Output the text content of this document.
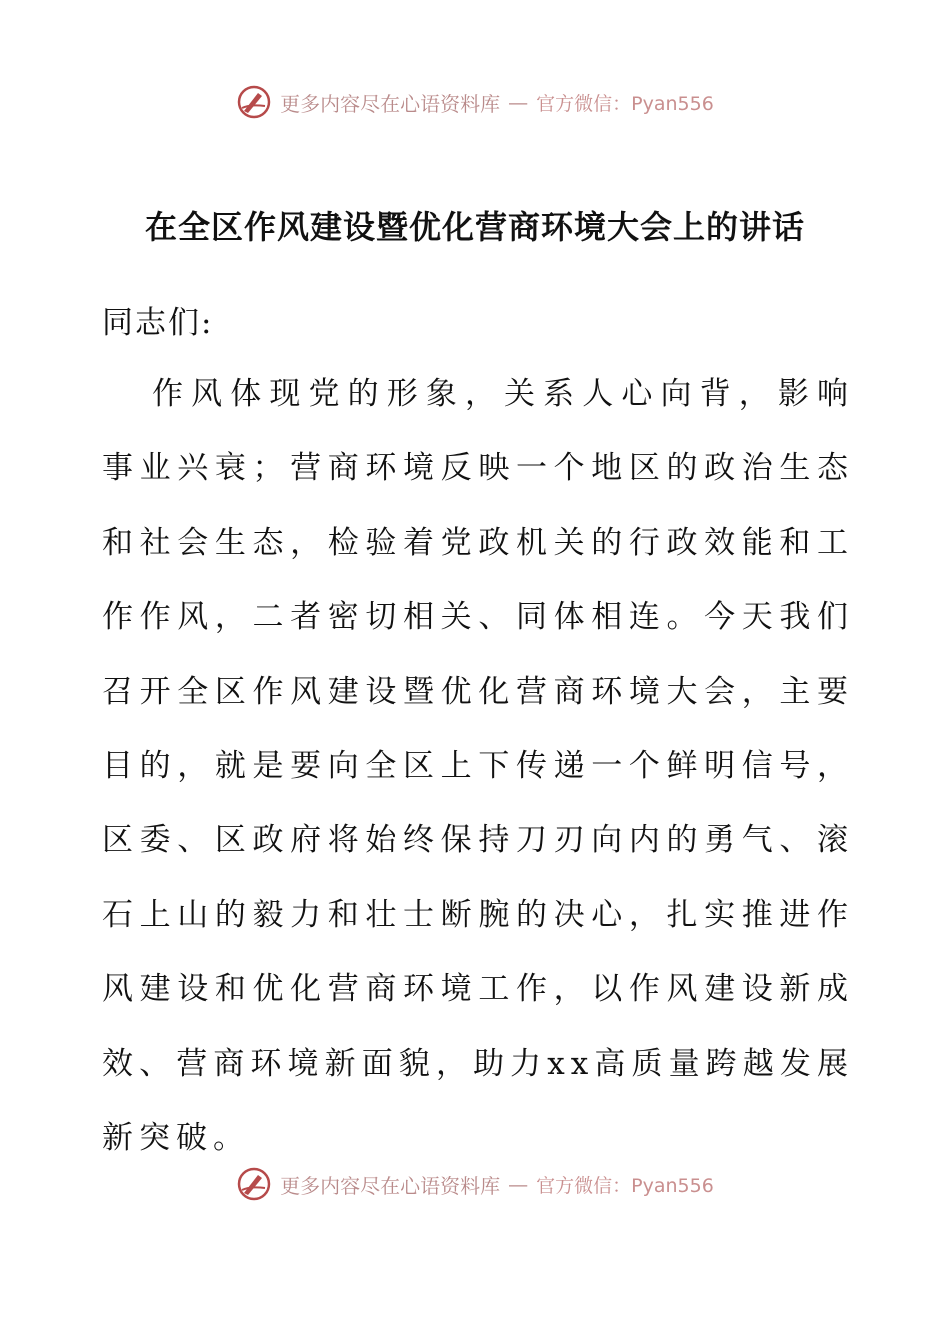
更多内容尽在心语资料库 — 官方微信：Pyan556
在全区作风建设暨优化营商环境大会上的讲话

同志们:

作风体现党的形象，关系人心向背，影响事业兴衰；营商环境反映一个地区的政治生态和社会生态，检验着党政机关的行政效能和工作作风，二者密切相关、同体相连。今天我们召开全区作风建设暨优化营商环境大会，主要目的，就是要向全区上下传递一个鲜明信号，区委、区政府将始终保持刀刃向内的勇气、滚石上山的毅力和壮士断腕的决心，扎实推进作风建设和优化营商环境工作，以作风建设新成效、营商环境新面貌，助力xx高质量跨越发展新突破。

更多内容尽在心语资料库 — 官方微信：Pyan556
